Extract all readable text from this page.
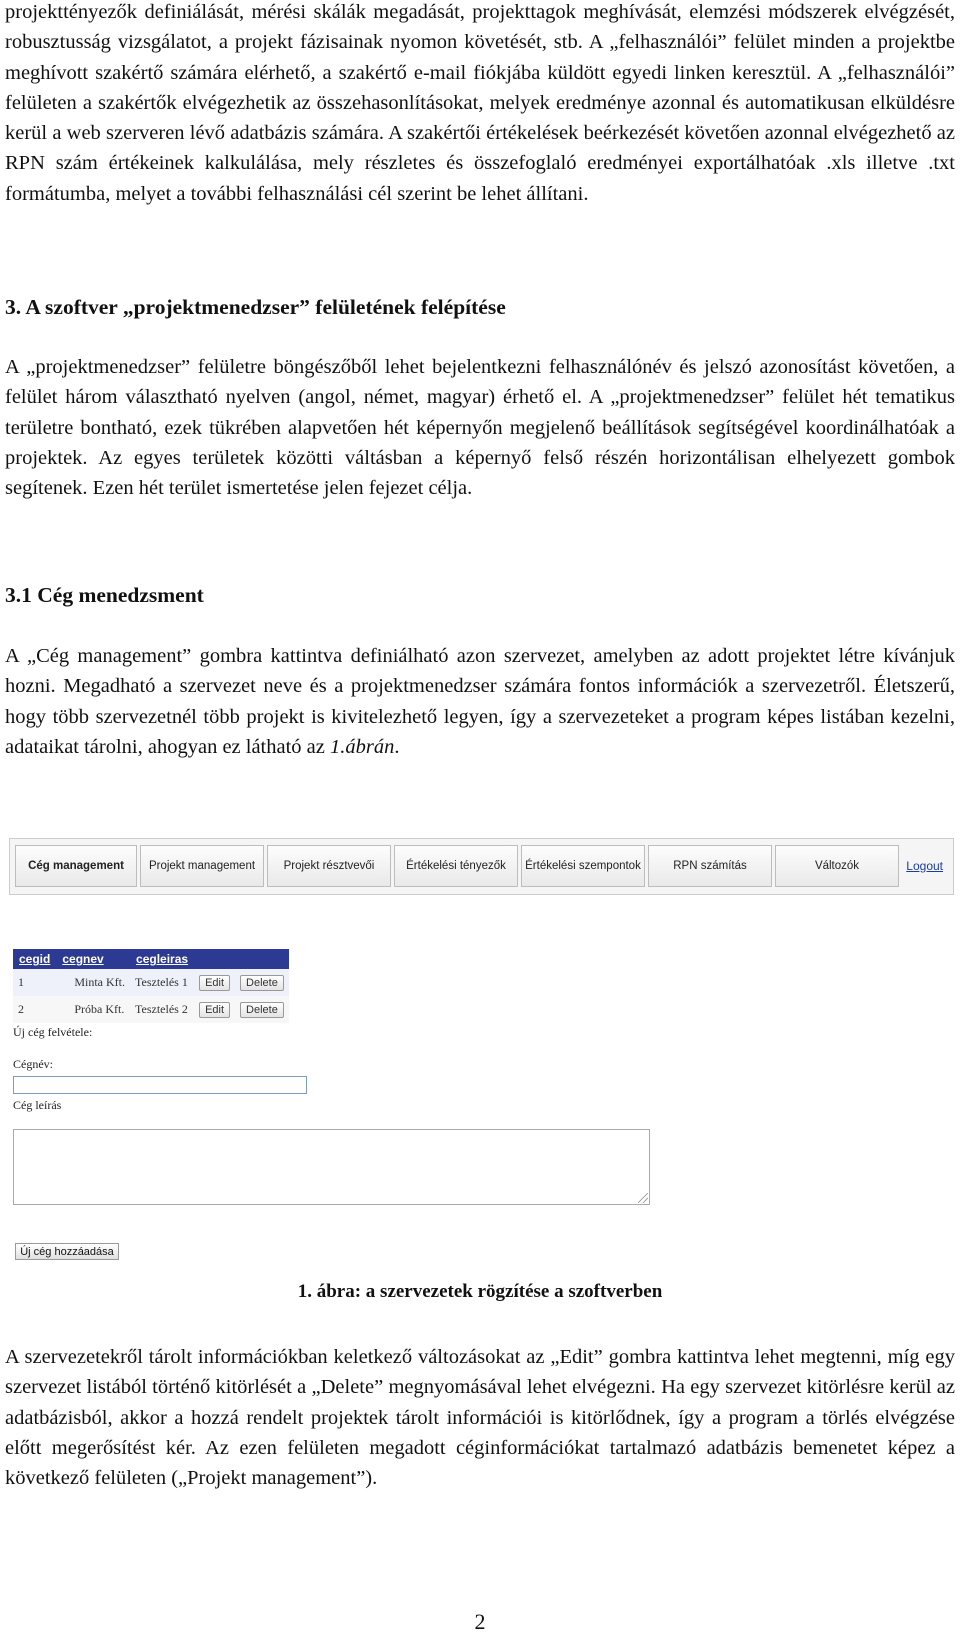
projekttényezők definiálását, mérési skálák megadását, projekttagok meghívását, elemzési módszerek elvégzését, robusztusság vizsgálatot, a projekt fázisainak nyomon követését, stb. A „felhasználói” felület minden a projektbe meghívott szakértő számára elérhető, a szakértő e-mail fiókjába küldött egyedi linken keresztül. A „felhasználói” felületen a szakértők elvégezhetik az összehasonlításokat, melyek eredménye azonnal és automatikusan elküldésre kerül a web szerveren lévő adatbázis számára. A szakértői értékelések beérkezését követően azonnal elvégezhető az RPN szám értékeinek kalkulálása, mely részletes és összefoglaló eredményei exportálhatóak .xls illetve .txt formátumba, melyet a további felhasználási cél szerint be lehet állítani.

3. A szoftver „projektmenedzser” felületének felépítése

A „projektmenedzser” felületre böngészőből lehet bejelentkezni felhasználónév és jelszó azonosítást követően, a felület három választható nyelven (angol, német, magyar) érhető el. A „projektmenedzser” felület hét tematikus területre bontható, ezek tükrében alapvetően hét képernyőn megjelenő beállítások segítségével koordinálhatóak a projektek. Az egyes területek közötti váltásban a képernyő felső részén horizontálisan elhelyezett gombok segítenek. Ezen hét terület ismertetése jelen fejezet célja.

3.1 Cég menedzsment

A „Cég management” gombra kattintva definiálható azon szervezet, amelyben az adott projektet létre kívánjuk hozni. Megadható a szervezet neve és a projektmenedzser számára fontos információk a szervezetről. Életszerű, hogy több szervezetnél több projekt is kivitelezhető legyen, így a szervezeteket a program képes listában kezelni, adataikat tárolni, ahogyan ez látható az 1.ábrán.

Cég management	Projekt management	Projekt résztvevői	Értékelési tényezők	Értékelési szempontok	RPN számítás	Változók	Logout
cegid	cegnev	cegleiras		
1	Minta Kft.	Tesztelés 1	Edit	Delete
2	Próba Kft.	Tesztelés 2	Edit	Delete
Új cég felvétele:
Cégnév:
Cég leírás
Új cég hozzáadása
1. ábra: a szervezetek rögzítése a szoftverben

A szervezetekről tárolt információkban keletkező változásokat az „Edit” gombra kattintva lehet megtenni, míg egy szervezet listából történő kitörlését a „Delete” megnyomásával lehet elvégezni. Ha egy szervezet kitörlésre kerül az adatbázisból, akkor a hozzá rendelt projektek tárolt információi is kitörlődnek, így a program a törlés elvégzése előtt megerősítést kér. Az ezen felületen megadott céginformációkat tartalmazó adatbázis bemenetet képez a következő felületen („Projekt management”).

2
